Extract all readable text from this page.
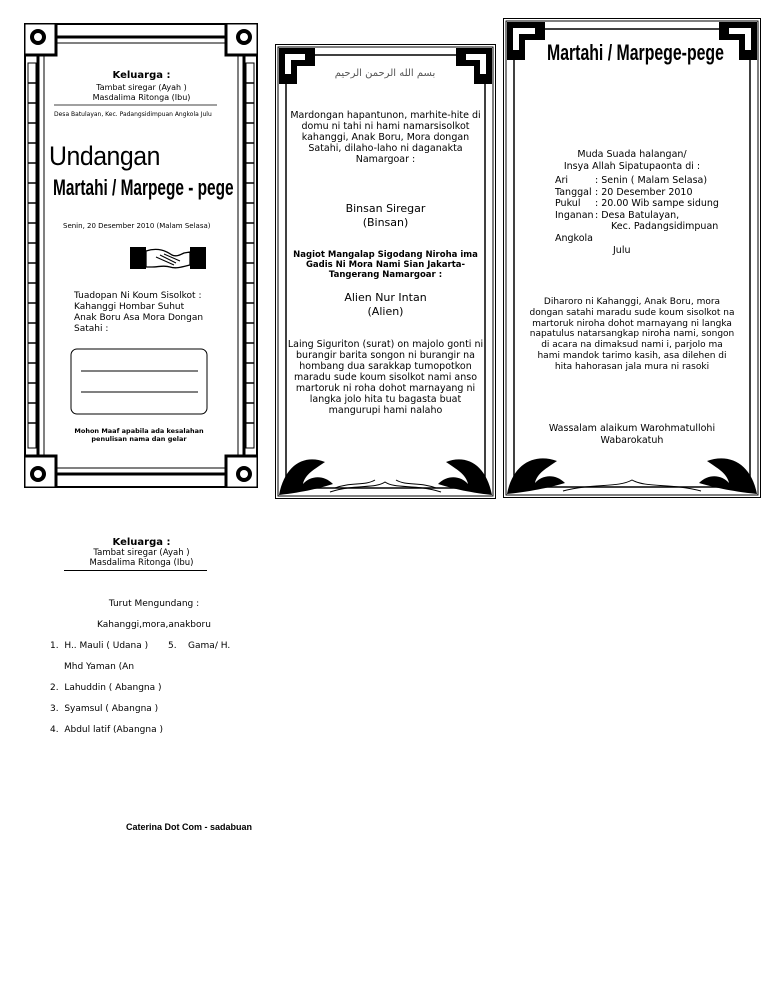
Keluarga :
Tambat siregar (Ayah )
Masdalima Ritonga (Ibu)
Desa Batulayan, Kec. Padangsidimpuan Angkola Julu
Undangan
Martahi / Marpege - pege
Senin, 20 Desember 2010 (Malam Selasa)
Tuadopan Ni Koum Sisolkot :
Kahanggi Hombar Suhut
Anak Boru Asa Mora Dongan
Satahi :
Mohon Maaf apabila ada kesalahan penulisan nama dan gelar
بسم الله الرحمن الرحيم
Mardongan hapantunon, marhite-hite di domu ni tahi ni hami namarsisolkot kahanggi, Anak Boru, Mora dongan Satahi, dilaho-laho ni daganakta Namargoar :
Binsan Siregar
(Binsan)
Nagiot Mangalap Sigodang Niroha ima Gadis Ni Mora Nami Sian Jakarta- Tangerang Namargoar :
Alien Nur Intan
(Alien)
Laing Siguriton (surat) on majolo gonti ni burangir barita songon ni burangir na hombang dua sarakkap tumopotkon maradu sude koum sisolkot nami anso martoruk ni roha dohot marnayang ni langka jolo hita tu bagasta buat mangurupi hami nalaho
Martahi / Marpege-pege
Muda Suada halangan/
Insya Allah Sipatupaonta di :
Ari	: Senin ( Malam Selasa)
Tanggal : 20 Desember 2010
Pukul	: 20.00 Wib sampe sidung
Inganan : Desa Batulayan,
Kec. Padangsidimpuan
Angkola
Julu
Diharoro ni Kahanggi, Anak Boru, mora dongan satahi maradu sude koum sisolkot na martoruk niroha dohot marnayang ni langka napatulus natarsangkap niroha nami, songon di acara na dimaksud nami i, parjolo ma hami mandok tarimo kasih, asa dilehen di hita hahorasan jala mura ni rasoki
Wassalam alaikum Warohmatullohi
Wabarokatuh
Keluarga :
Tambat siregar (Ayah )
Masdalima Ritonga (Ibu)
Turut Mengundang :
Kahanggi,mora,anakboru
1. H.. Mauli ( Udana ) 5. Gama/ H.
Mhd Yaman (An
2. Lahuddin ( Abangna )
3. Syamsul ( Abangna )
4. Abdul latif (Abangna )
Caterina Dot Com - sadabuan
